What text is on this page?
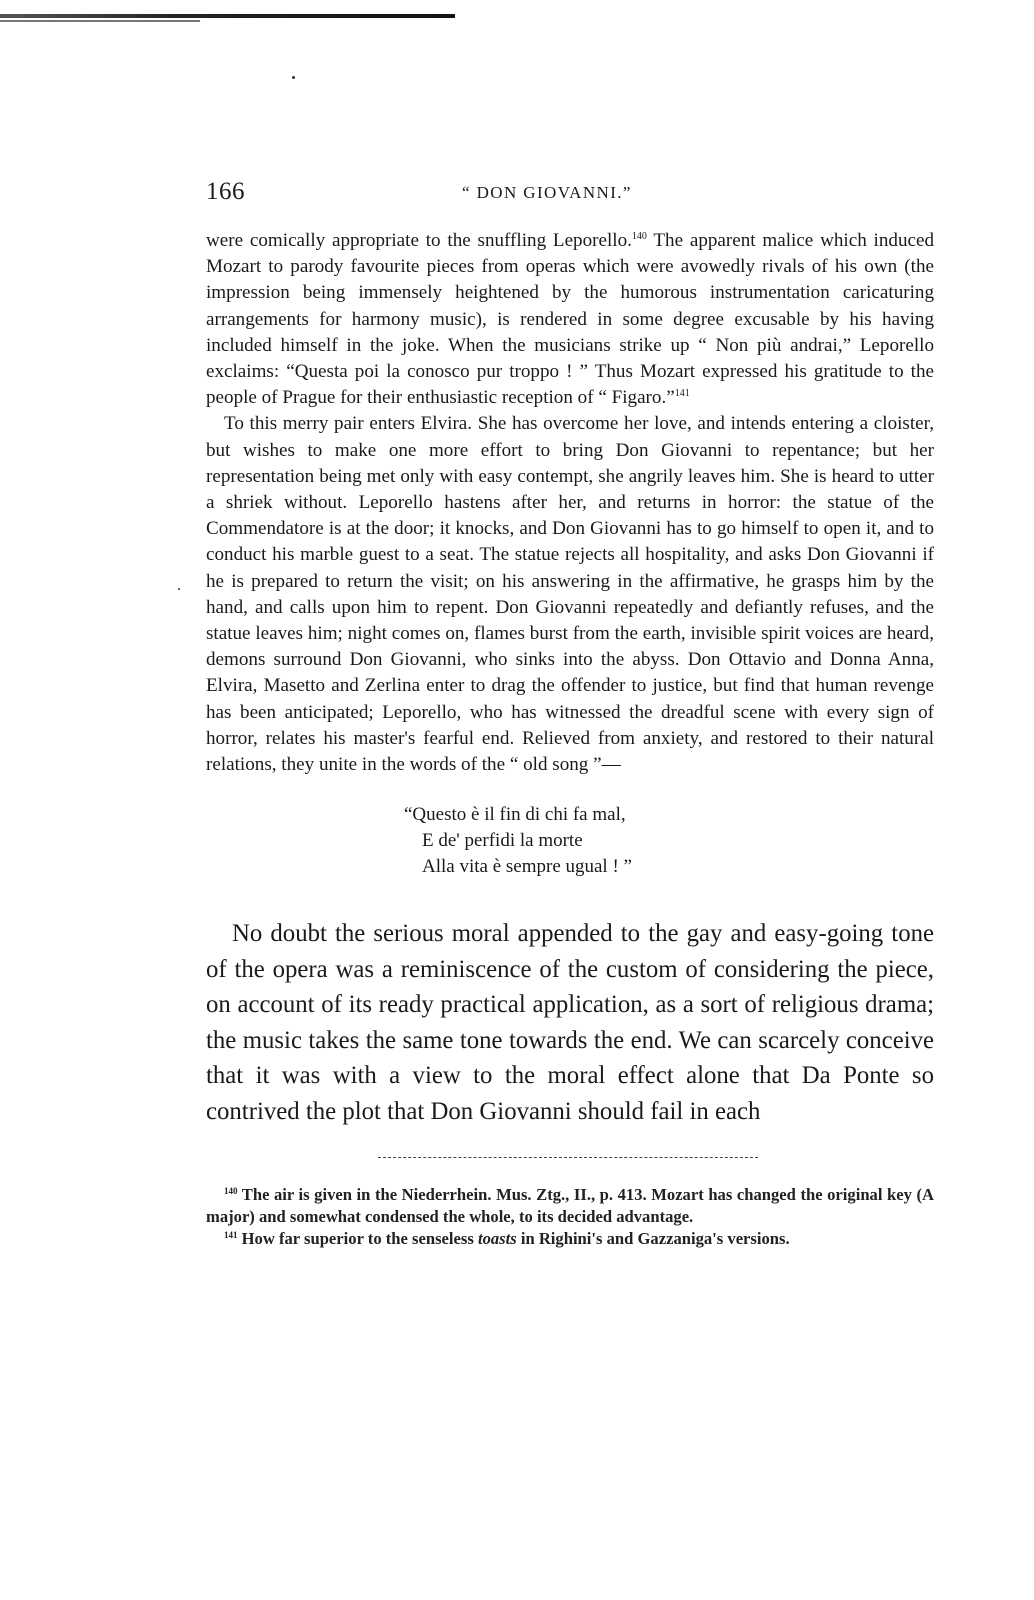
166	“ DON GIOVANNI.”

were comically appropriate to the snuffling Leporello.$^{140}$ The apparent malice which induced Mozart to parody favourite pieces from operas which were avowedly rivals of his own (the impression being immensely heightened by the humorous instrumentation caricaturing arrangements for harmony music), is rendered in some degree excusable by his having included himself in the joke. When the musicians strike up “ Non più andrai,” Leporello exclaims: “Questa poi la conosco pur troppo ! ” Thus Mozart expressed his gratitude to the people of Prague for their enthusiastic reception of “ Figaro.”$^{141}$

To this merry pair enters Elvira. She has overcome her love, and intends entering a cloister, but wishes to make one more effort to bring Don Giovanni to repentance; but her representation being met only with easy contempt, she angrily leaves him. She is heard to utter a shriek without. Leporello hastens after her, and returns in horror: the statue of the Commendatore is at the door; it knocks, and Don Giovanni has to go himself to open it, and to conduct his marble guest to a seat. The statue rejects all hospitality, and asks Don Giovanni if he is prepared to return the visit; on his answering in the affirmative, he grasps him by the hand, and calls upon him to repent. Don Giovanni repeatedly and defiantly refuses, and the statue leaves him; night comes on, flames burst from the earth, invisible spirit voices are heard, demons surround Don Giovanni, who sinks into the abyss. Don Ottavio and Donna Anna, Elvira, Masetto and Zerlina enter to drag the offender to justice, but find that human revenge has been anticipated; Leporello, who has witnessed the dreadful scene with every sign of horror, relates his master's fearful end. Relieved from anxiety, and restored to their natural relations, they unite in the words of the “ old song ”—

“Questo è il fin di chi fa mal,
E de' perfidi la morte
Alla vita è sempre ugual ! ”

No doubt the serious moral appended to the gay and easy-going tone of the opera was a reminiscence of the custom of considering the piece, on account of its ready practical application, as a sort of religious drama; the music takes the same tone towards the end. We can scarcely conceive that it was with a view to the moral effect alone that Da Ponte so contrived the plot that Don Giovanni should fail in each

$^{140}$ The air is given in the Niederrhein. Mus. Ztg., II., p. 413. Mozart has changed the original key (A major) and somewhat condensed the whole, to its decided advantage.

$^{141}$ How far superior to the senseless toasts in Righini's and Gazzaniga's versions.
